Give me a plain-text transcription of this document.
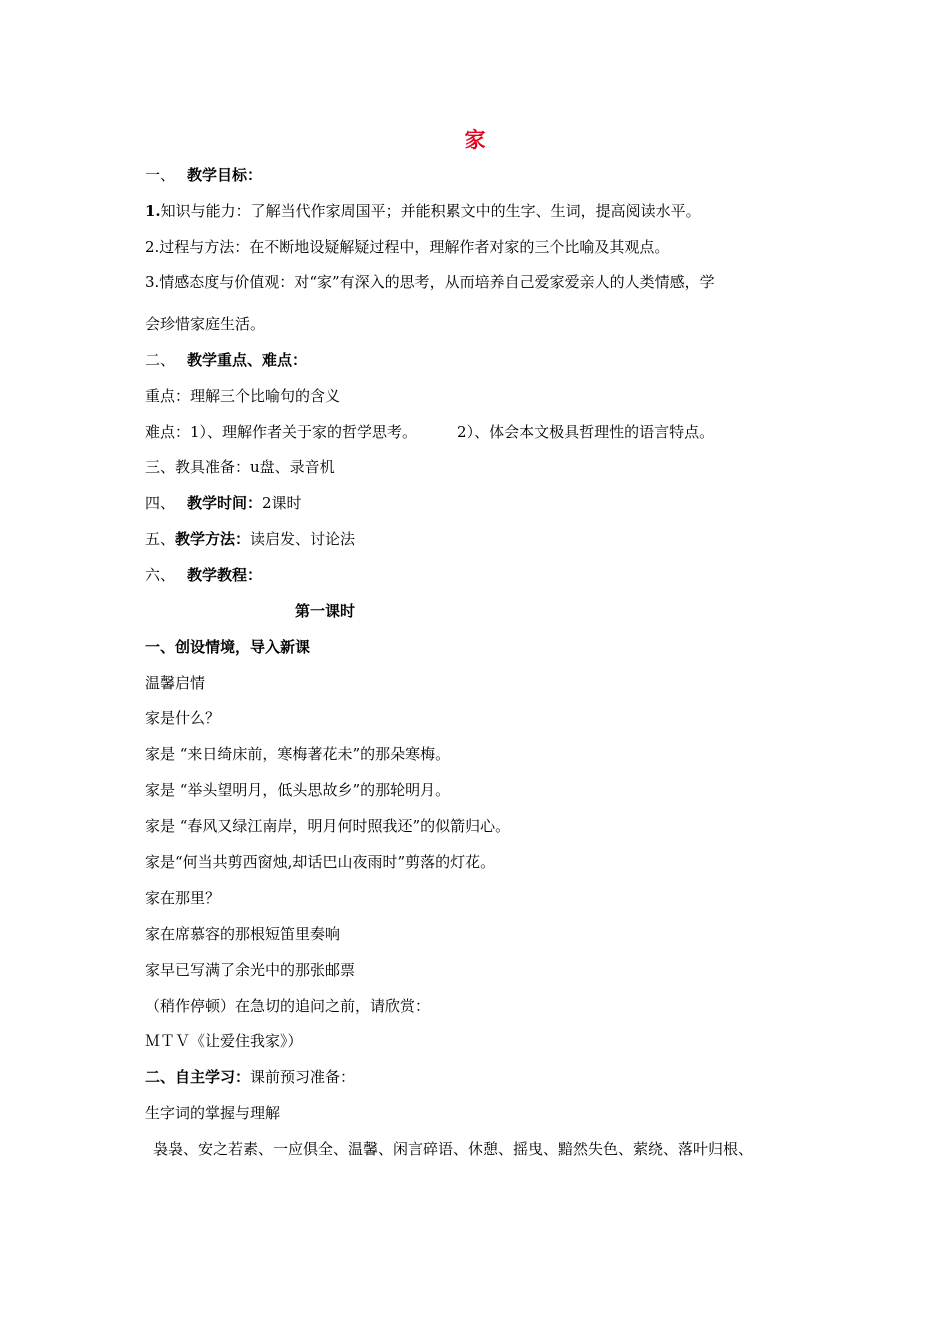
家
一、 教学目标：
1.知识与能力：了解当代作家周国平；并能积累文中的生字、生词，提高阅读水平。
2.过程与方法：在不断地设疑解疑过程中，理解作者对家的三个比喻及其观点。
3.情感态度与价值观：对“家”有深入的思考，从而培养自己爱家爱亲人的人类情感，学
会珍惜家庭生活。
二、 教学重点、难点：
重点：理解三个比喻句的含义
难点：1）、理解作者关于家的哲学思考。	2）、体会本文极具哲理性的语言特点。
三、教具准备：u盘、录音机
四、 教学时间：2课时
五、教学方法：读启发、讨论法
六、 教学教程：
第一课时
一、创设情境，导入新课
温馨启情
家是什么？
家是 “来日绮床前，寒梅著花未”的那朵寒梅。
家是 “举头望明月，低头思故乡”的那轮明月。
家是 “春风又绿江南岸，明月何时照我还”的似箭归心。
家是“何当共剪西窗烛,却话巴山夜雨时”剪落的灯花。
家在那里？
家在席慕容的那根短笛里奏响
家早已写满了余光中的那张邮票
（稍作停顿）在急切的追问之前，请欣赏：
ＭＴＶ《让爱住我家》）
二、自主学习：课前预习准备：
生字词的掌握与理解
袅袅、安之若素、一应俱全、温馨、闲言碎语、休憩、摇曳、黯然失色、萦绕、落叶归根、
